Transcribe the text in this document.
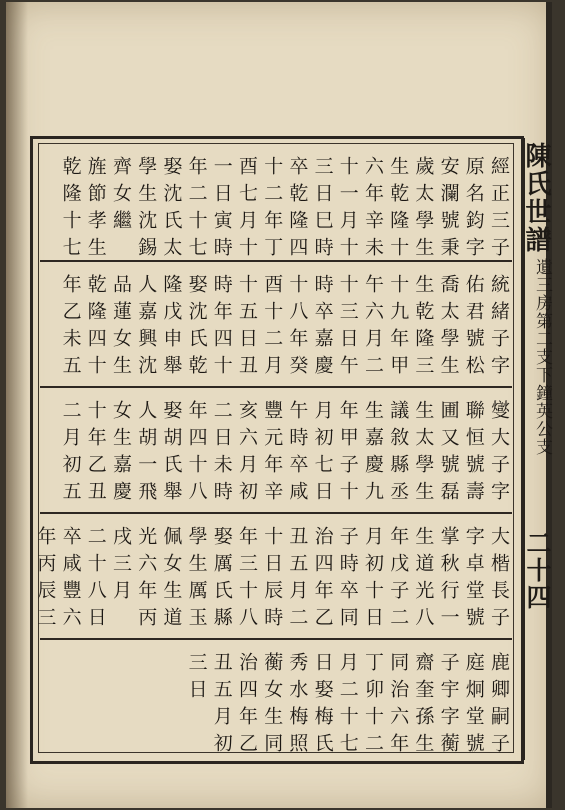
陳氏世譜
遺三房第二支下鐘英公支
二十四
經正三子
原名鈞字
安瀾號秉
歲太學生
生乾隆十
六年辛未
十一月十
三日巳時
卒乾隆四
十二年丁
酉七月十
一日寅時
年二十七
娶沈氏太
學生沈錫
齊女繼
旌節孝生
乾隆十七
統緒子字
佑君號松
喬太學生
生乾隆三
十九年甲
午六月二
十三日午
時卒嘉慶
十八年癸
酉十二月
十五日丑
時年四十
娶沈氏乾
隆戊申舉
人嘉興沈
品蓮女生
乾隆四十
年乙未五
燮大子字
聯恒號壽
圃又號磊
生太學生
議敘縣丞
生嘉慶九
年甲子十
月初七日
午時卒咸
豐元年辛
亥六月初
二日未時
年四十八
娶胡氏舉
人胡一飛
女生嘉慶
十年乙丑
二月初五
大楷長子
字卓堂號
掌秋行一
生道光八
年戊子二
月初十日
子時卒同
治四年乙
丑五月二
十日辰時
年三十八
娶厲氏縣
學生厲玉
佩女生道
光六年丙
戌三月
二十八日
卒咸豐六
年丙辰三
鹿卿嗣子
庭炯堂號
子宇字蘅
齋奎孫生
同治六年
丁卯十二
月二十七
日娶梅氏
秀水梅照
蘅女生同
治四年乙
丑五月初
三日
